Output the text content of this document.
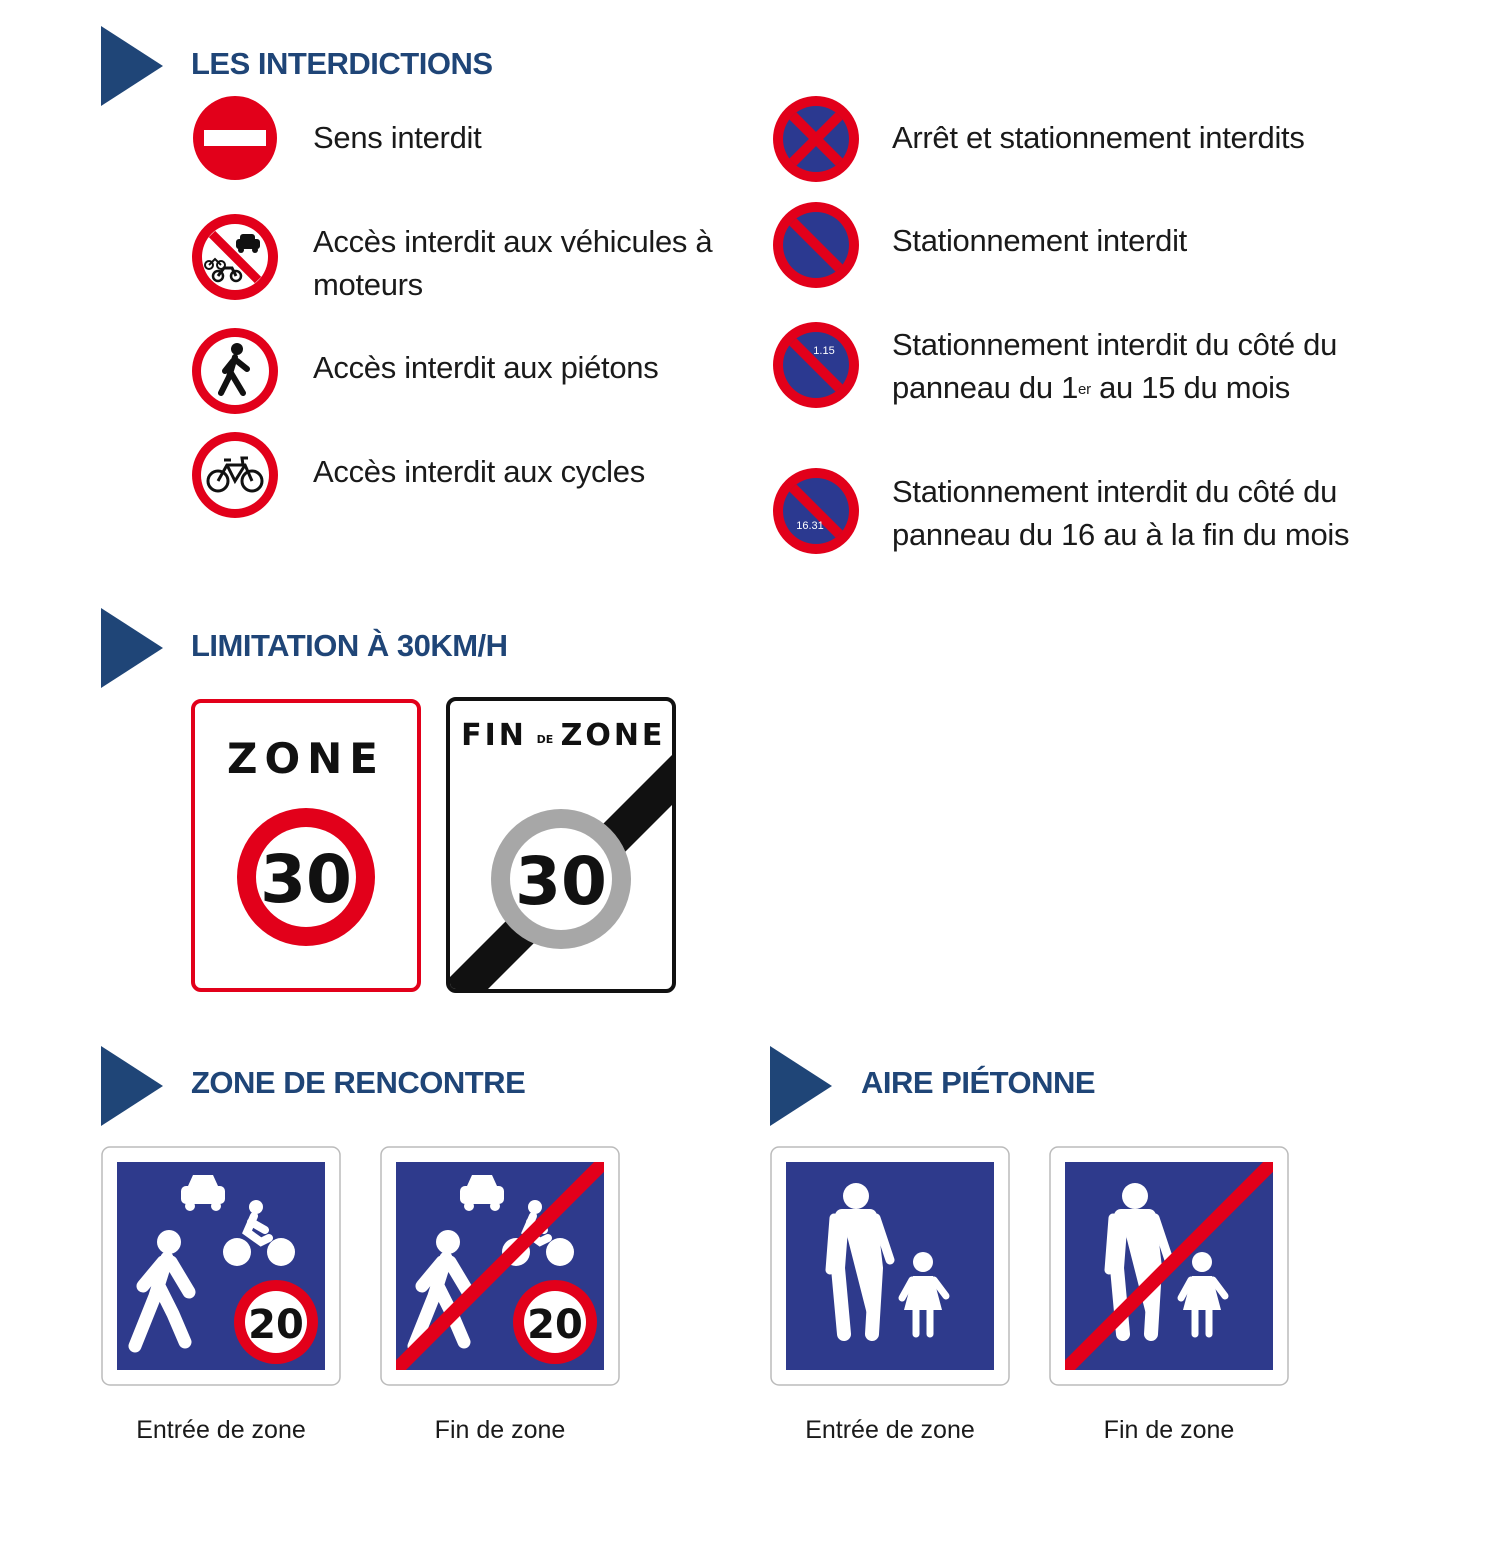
LES INTERDICTIONS
Sens interdit
Accès interdit aux véhicules à moteurs
Accès interdit aux piétons
Accès interdit aux cycles
Arrêt et stationnement interdits
Stationnement interdit
1.15 Stationnement interdit du côté du panneau du 1er au 15 du mois
16.31
Stationnement interdit du côté du panneau du 16 au à la fin du mois
LIMITATION À 30KM/H
ZONE
30 30
FIN DE ZONE
ZONE DE RENCONTRE
20	20
Entrée de zone	Fin de zone
AIRE PIÉTONNE
Entrée de zone	Fin de zone
